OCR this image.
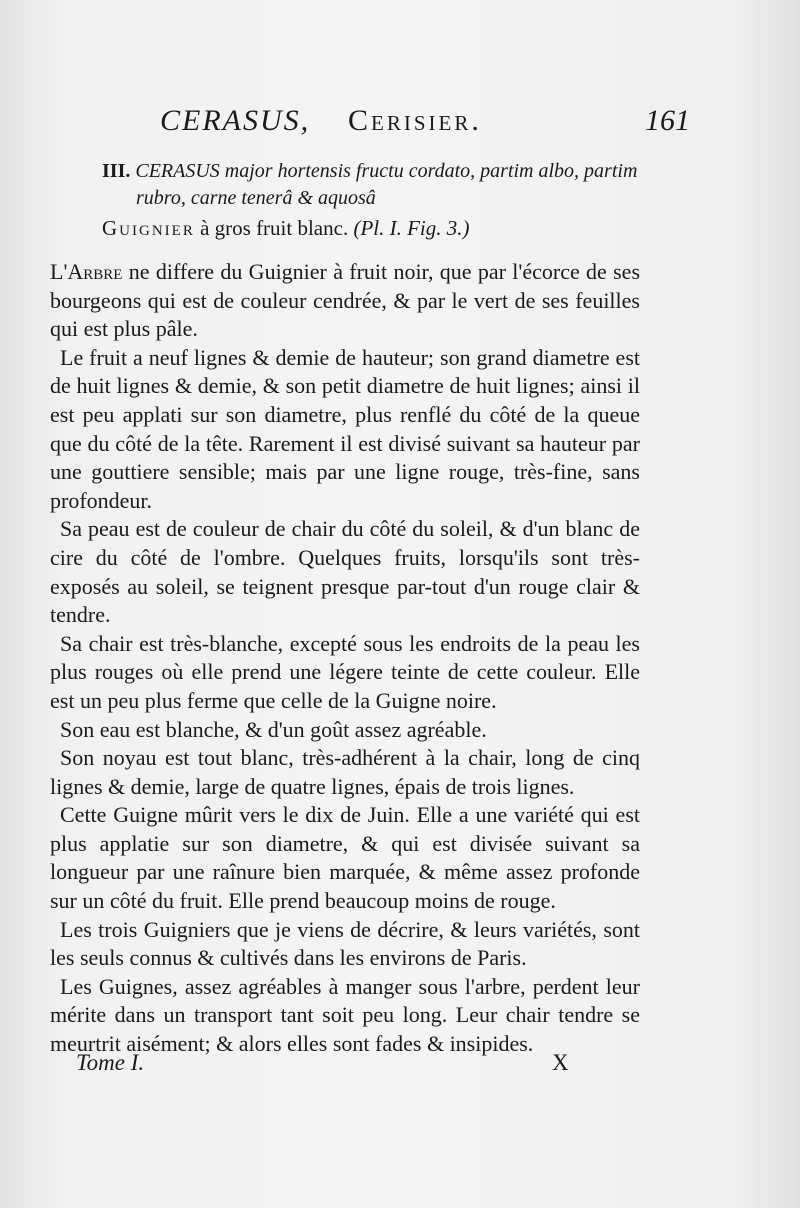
CERASUS, Cerisier.	161
III. CERASUS major hortensis fructu cordato, partim albo, partim
rubro, carne tenerâ & aquosâ
Guignier à gros fruit blanc. (Pl. I. Fig. 3.)

L'Arbre ne differe du Guignier à fruit noir, que par l'écorce de ses bourgeons qui est de couleur cendrée, & par le vert de ses feuilles qui est plus pâle.

Le fruit a neuf lignes & demie de hauteur; son grand diametre est de huit lignes & demie, & son petit diametre de huit lignes; ainsi il est peu applati sur son diametre, plus renflé du côté de la queue que du côté de la tête. Rarement il est divisé suivant sa hauteur par une gouttiere sensible; mais par une ligne rouge, très-fine, sans profondeur.

Sa peau est de couleur de chair du côté du soleil, & d'un blanc de cire du côté de l'ombre. Quelques fruits, lorsqu'ils sont très-exposés au soleil, se teignent presque par-tout d'un rouge clair & tendre.

Sa chair est très-blanche, excepté sous les endroits de la peau les plus rouges où elle prend une légere teinte de cette couleur. Elle est un peu plus ferme que celle de la Guigne noire.

Son eau est blanche, & d'un goût assez agréable.

Son noyau est tout blanc, très-adhérent à la chair, long de cinq lignes & demie, large de quatre lignes, épais de trois lignes.

Cette Guigne mûrit vers le dix de Juin. Elle a une variété qui est plus applatie sur son diametre, & qui est divisée suivant sa longueur par une raînure bien marquée, & même assez profonde sur un côté du fruit. Elle prend beaucoup moins de rouge.

Les trois Guigniers que je viens de décrire, & leurs variétés, sont les seuls connus & cultivés dans les environs de Paris.

Les Guignes, assez agréables à manger sous l'arbre, perdent leur mérite dans un transport tant soit peu long. Leur chair tendre se meurtrit aisément; & alors elles sont fades & insipides.

Tome I.	X
